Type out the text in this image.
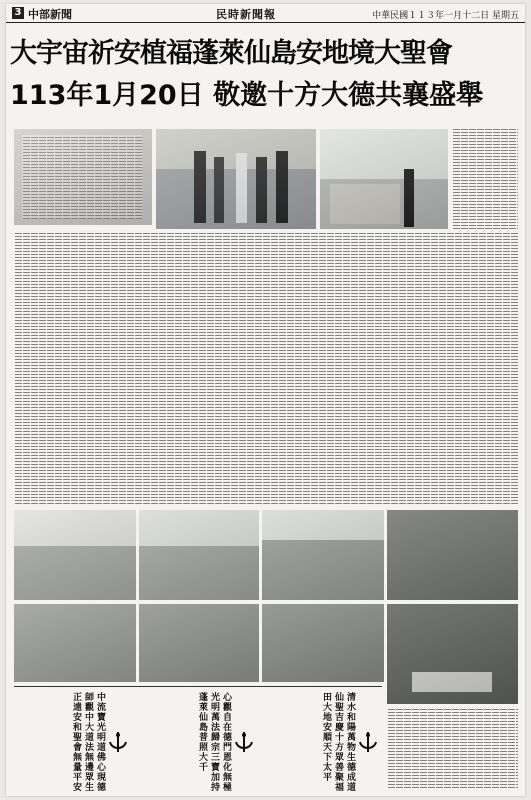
3 中部新聞	民時新聞報	中華民國１１３年一月十二日 星期五
大宇宙祈安植福蓬萊仙島安地境大聖會
113年1月20日 敬邀十方大德共襄盛舉
中流寶光明道佛心現德師觀中大道法無邊眾生正遠安和聖會無量平安	心觀自在德門恩化無極光明萬法歸宗三寶加持蓬萊仙島普照大千	清水和陽萬物生德成道仙聖吉慶十方眾善聚福田大地安順天下太平
